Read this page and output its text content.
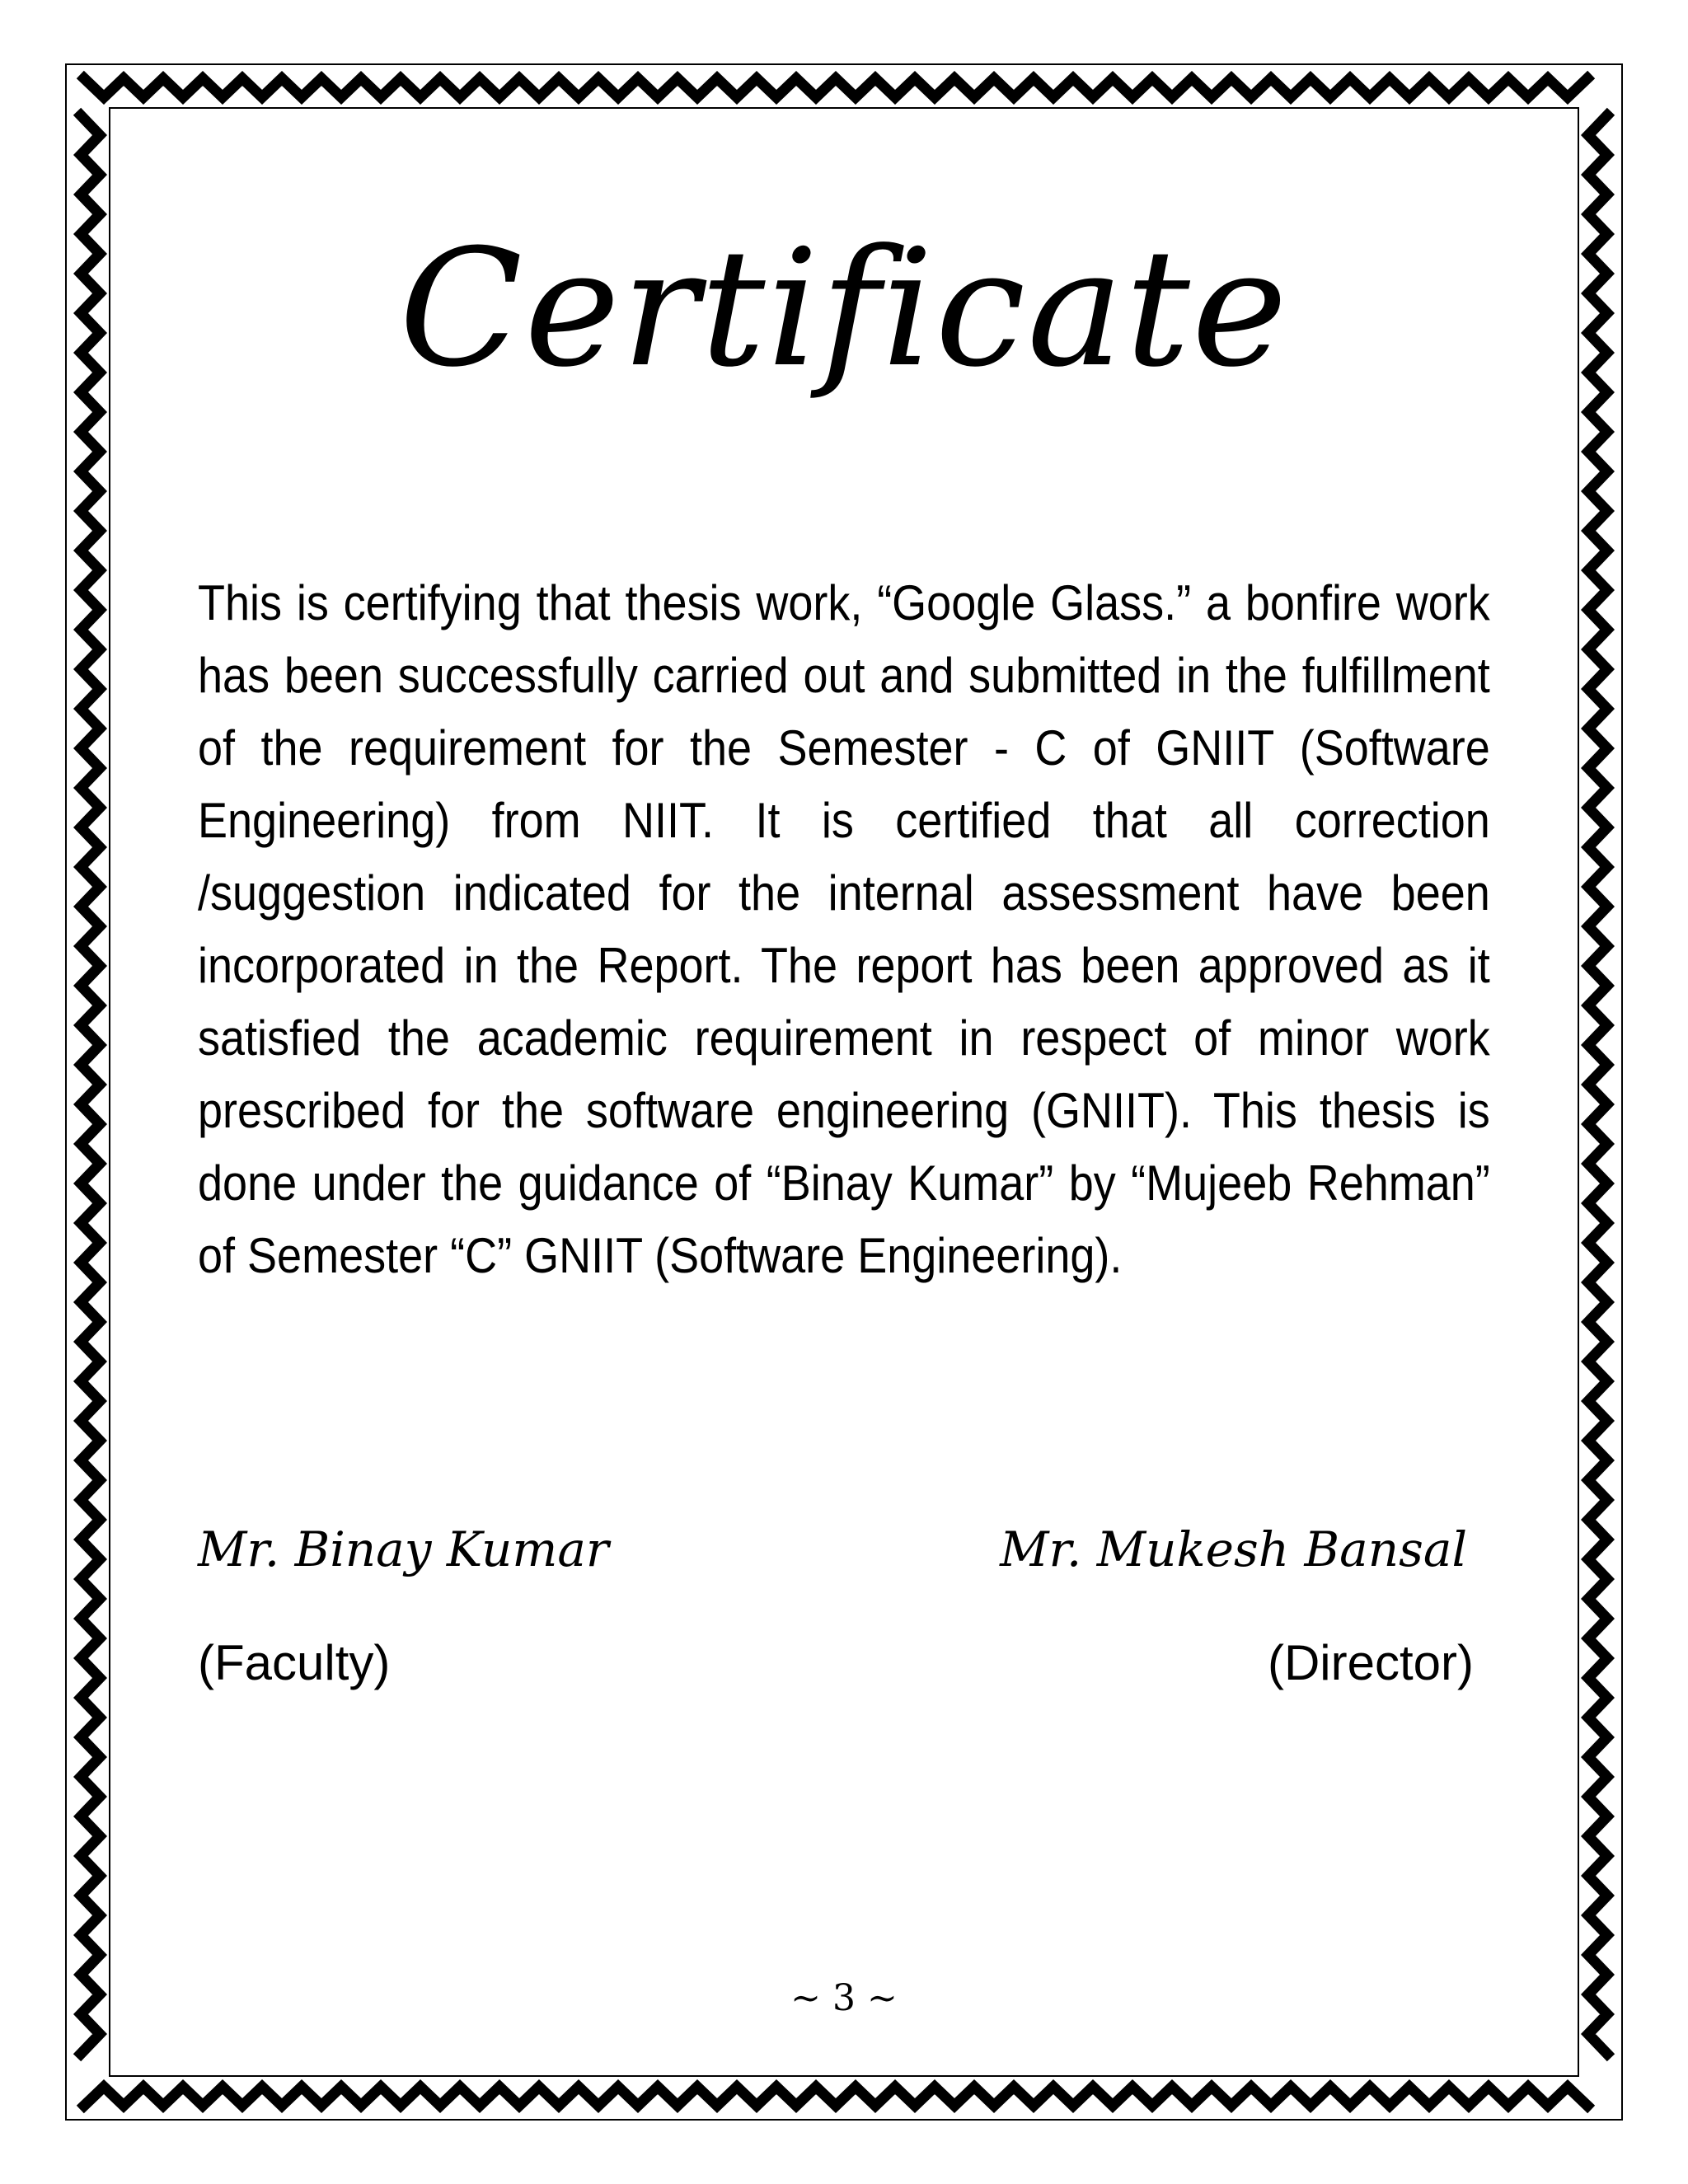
Certificate

This is certifying that thesis work, “Google Glass.” a bonfire work has been successfully carried out and submitted in the fulfillment of the requirement for the Semester - C of GNIIT (Software Engineering) from NIIT. It is certified that all correction /suggestion indicated for the internal assessment have been incorporated in the Report. The report has been approved as it satisfied the academic requirement in respect of minor work prescribed for the software engineering (GNIIT). This thesis is done under the guidance of “Binay Kumar” by “Mujeeb Rehman” of Semester “C” GNIIT (Software Engineering).

Mr. Binay Kumar	Mr. Mukesh Bansal
(Faculty)	(Director)
~ 3 ~
